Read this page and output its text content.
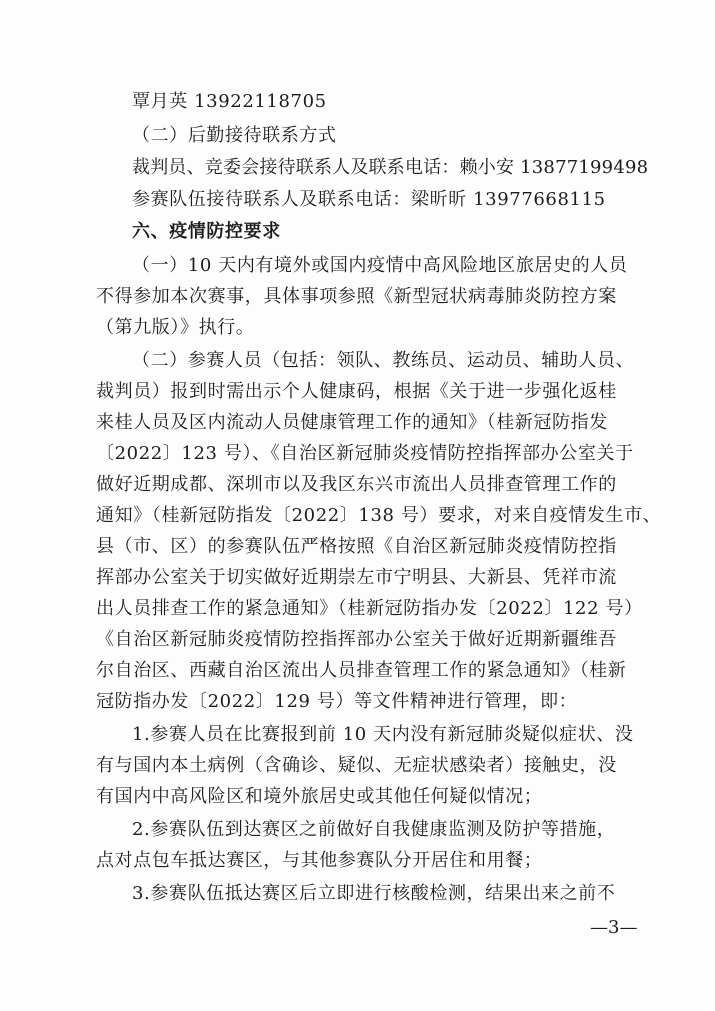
覃月英 13922118705
（二）后勤接待联系方式
裁判员、竞委会接待联系人及联系电话：赖小安 13877199498
参赛队伍接待联系人及联系电话：梁昕昕 13977668115
六、疫情防控要求
（一）10 天内有境外或国内疫情中高风险地区旅居史的人员
不得参加本次赛事，具体事项参照《新型冠状病毒肺炎防控方案
（第九版）》执行。
（二）参赛人员（包括：领队、教练员、运动员、辅助人员、
裁判员）报到时需出示个人健康码，根据《关于进一步强化返桂
来桂人员及区内流动人员健康管理工作的通知》（桂新冠防指发
〔2022〕123 号）、《自治区新冠肺炎疫情防控指挥部办公室关于
做好近期成都、深圳市以及我区东兴市流出人员排查管理工作的
通知》（桂新冠防指发〔2022〕138 号）要求，对来自疫情发生市、
县（市、区）的参赛队伍严格按照《自治区新冠肺炎疫情防控指
挥部办公室关于切实做好近期崇左市宁明县、大新县、凭祥市流
出人员排查工作的紧急通知》（桂新冠防指办发〔2022〕122 号）
《自治区新冠肺炎疫情防控指挥部办公室关于做好近期新疆维吾
尔自治区、西藏自治区流出人员排查管理工作的紧急通知》（桂新
冠防指办发〔2022〕129 号）等文件精神进行管理，即：
1.参赛人员在比赛报到前 10 天内没有新冠肺炎疑似症状、没
有与国内本土病例（含确诊、疑似、无症状感染者）接触史，没
有国内中高风险区和境外旅居史或其他任何疑似情况；
2.参赛队伍到达赛区之前做好自我健康监测及防护等措施，
点对点包车抵达赛区，与其他参赛队分开居住和用餐；
3.参赛队伍抵达赛区后立即进行核酸检测，结果出来之前不
—3—
